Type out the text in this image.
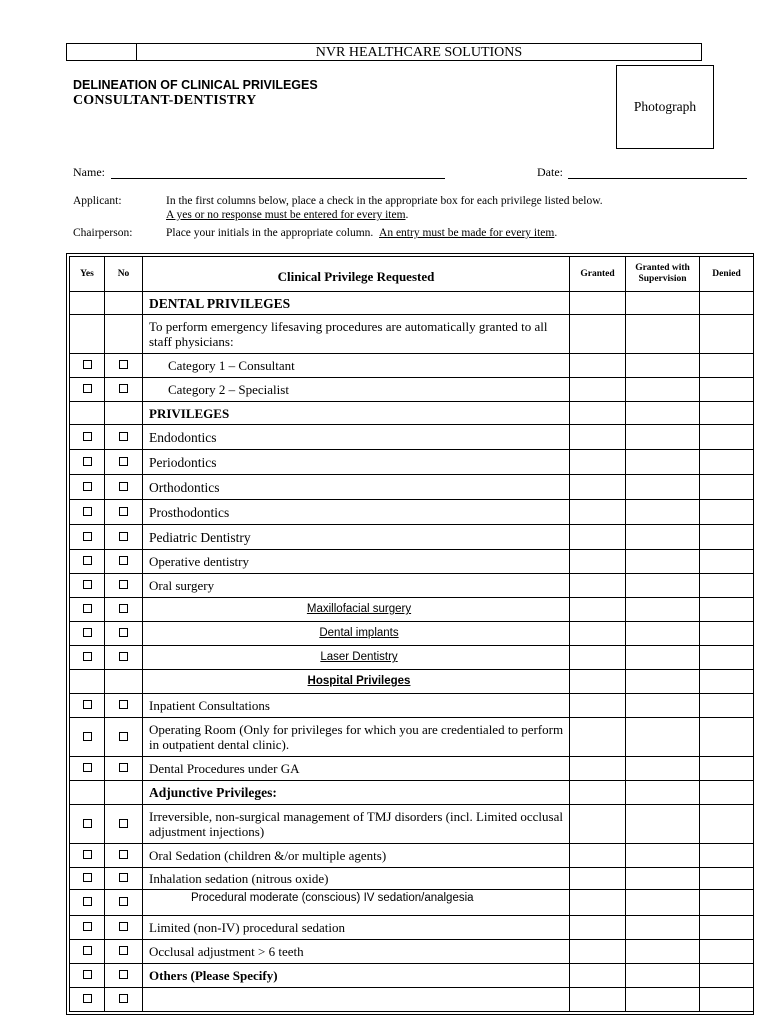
NVR HEALTHCARE SOLUTIONS
DELINEATION OF CLINICAL PRIVILEGES
CONSULTANT-DENTISTRY	Photograph
Name:	Date:
Applicant:	In the first columns below, place a check in the appropriate box for each privilege listed below.
A yes or no response must be entered for every item.
Chairperson:	Place your initials in the appropriate column. An entry must be made for every item.
Yes	No	Clinical Privilege Requested	Granted	Granted with Supervision	Denied
		DENTAL PRIVILEGES			
		To perform emergency lifesaving procedures are automatically granted to all staff physicians:			
		Category 1 – Consultant			
		Category 2 – Specialist			
		PRIVILEGES			
		Endodontics			
		Periodontics			
		Orthodontics			
		Prosthodontics			
		Pediatric Dentistry			
		Operative dentistry			
		Oral surgery			
		Maxillofacial surgery			
		Dental implants			
		Laser Dentistry			
		Hospital Privileges			
		Inpatient Consultations			
		Operating Room (Only for privileges for which you are credentialed to perform in outpatient dental clinic).			
		Dental Procedures under GA			
		Adjunctive Privileges:			
		Irreversible, non-surgical management of TMJ disorders (incl. Limited occlusal adjustment injections)			
		Oral Sedation (children &/or multiple agents)			
		Inhalation sedation (nitrous oxide)			
		Procedural moderate (conscious) IV sedation/analgesia			
		Limited (non-IV) procedural sedation			
		Occlusal adjustment > 6 teeth			
		Others (Please Specify)			
